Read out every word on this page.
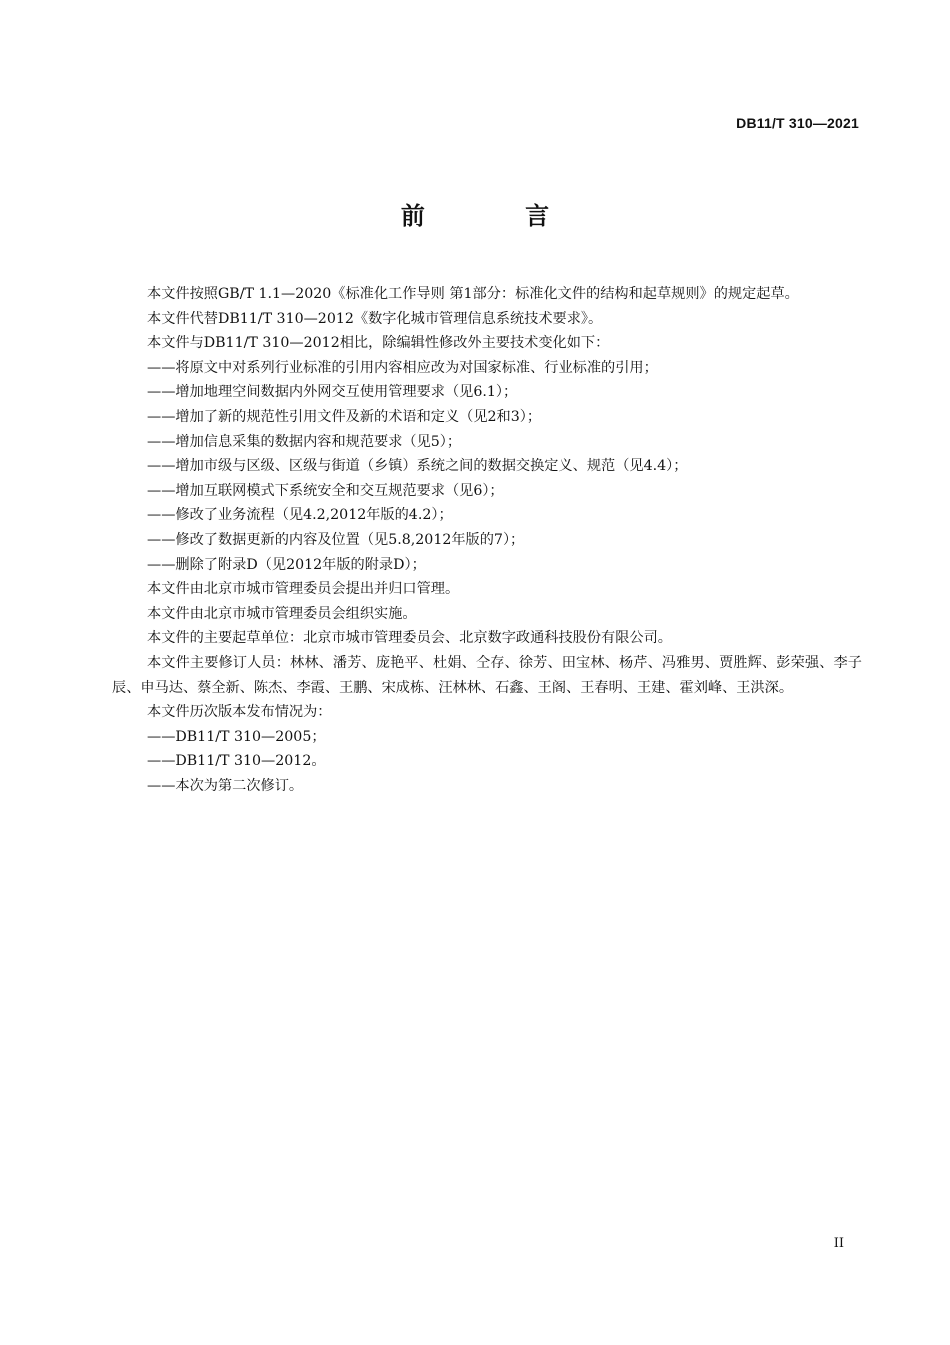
DB11/T 310—2021
前 言

本文件按照GB/T 1.1—2020《标准化工作导则 第1部分：标准化文件的结构和起草规则》的规定起草。

本文件代替DB11/T 310—2012《数字化城市管理信息系统技术要求》。

本文件与DB11/T 310—2012相比，除编辑性修改外主要技术变化如下：

——将原文中对系列行业标准的引用内容相应改为对国家标准、行业标准的引用；

——增加地理空间数据内外网交互使用管理要求（见6.1）；

——增加了新的规范性引用文件及新的术语和定义（见2和3）；

——增加信息采集的数据内容和规范要求（见5）；

——增加市级与区级、区级与街道（乡镇）系统之间的数据交换定义、规范（见4.4）；

——增加互联网模式下系统安全和交互规范要求（见6）；

——修改了业务流程（见4.2,2012年版的4.2）；

——修改了数据更新的内容及位置（见5.8,2012年版的7）；

——删除了附录D（见2012年版的附录D）；

本文件由北京市城市管理委员会提出并归口管理。

本文件由北京市城市管理委员会组织实施。

本文件的主要起草单位：北京市城市管理委员会、北京数字政通科技股份有限公司。

本文件主要修订人员：林林、潘芳、庞艳平、杜娟、仝存、徐芳、田宝林、杨芹、冯雅男、贾胜辉、彭荣强、李子辰、申马达、蔡全新、陈杰、李霞、王鹏、宋成栋、汪林林、石鑫、王阁、王春明、王建、霍刘峰、王洪深。

本文件历次版本发布情况为：

——DB11/T 310—2005；

——DB11/T 310—2012。

——本次为第二次修订。

II
